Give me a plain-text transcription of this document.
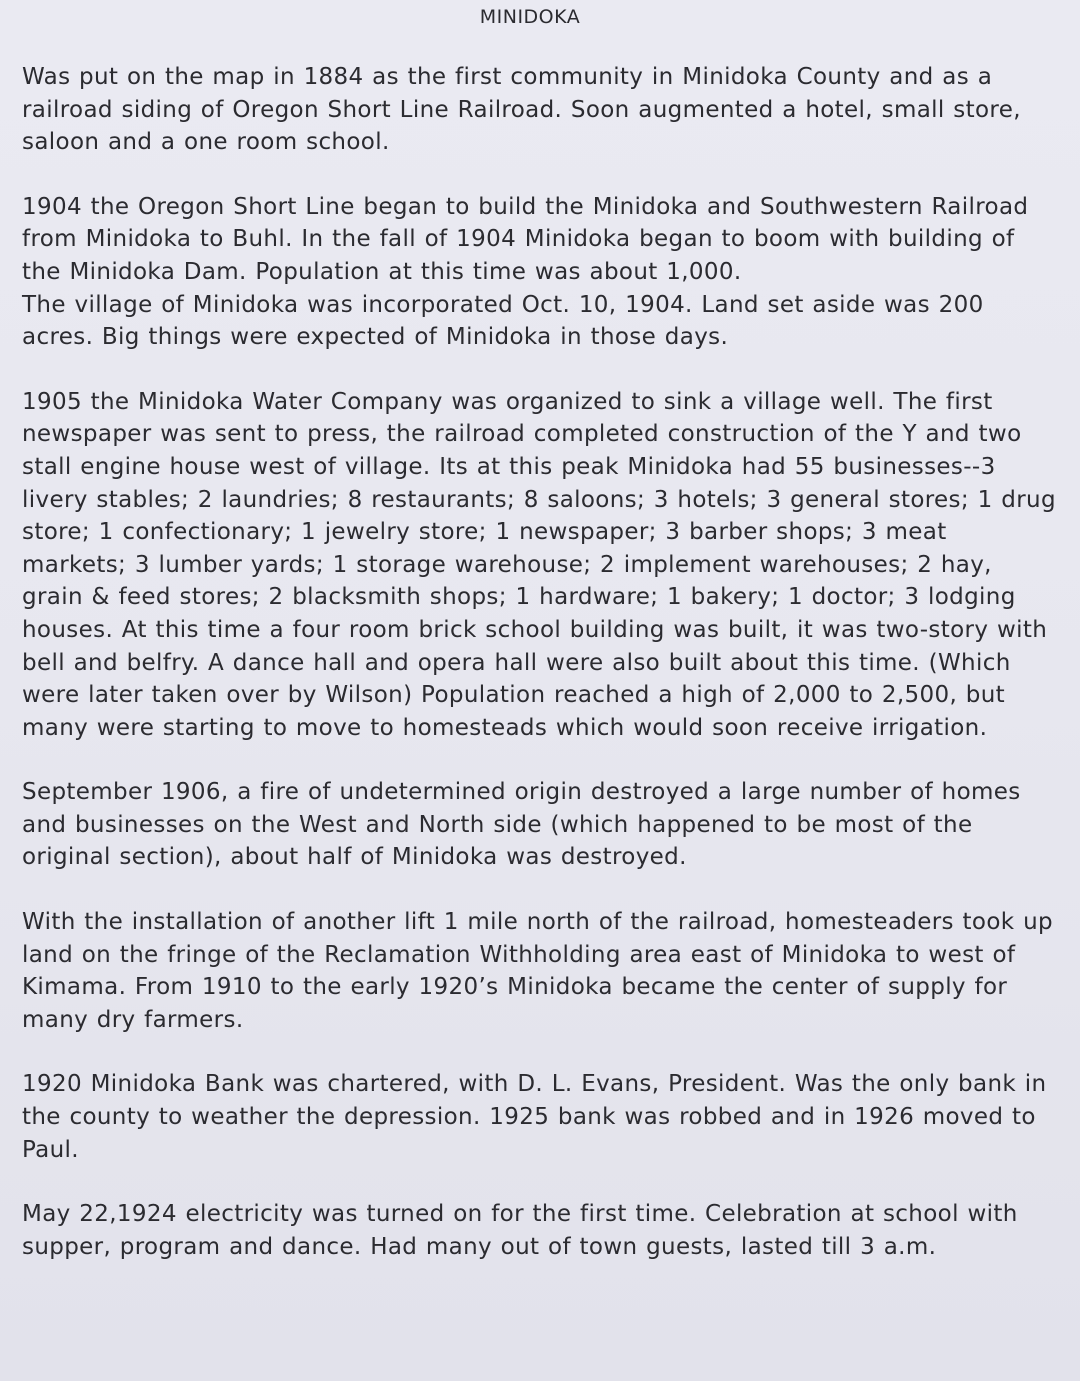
MINIDOKA

Was put on the map in 1884 as the first community in Minidoka County and as a railroad siding of Oregon Short Line Railroad. Soon augmented a hotel, small store, saloon and a one room school.

1904 the Oregon Short Line began to build the Minidoka and Southwestern Railroad from Minidoka to Buhl. In the fall of 1904 Minidoka began to boom with building of the Minidoka Dam. Population at this time was about 1,000.

The village of Minidoka was incorporated Oct. 10, 1904. Land set aside was 200 acres. Big things were expected of Minidoka in those days.

1905 the Minidoka Water Company was organized to sink a village well. The first newspaper was sent to press, the railroad completed construction of the Y and two stall engine house west of village. Its at this peak Minidoka had 55 businesses--3 livery stables; 2 laundries; 8 restaurants; 8 saloons; 3 hotels; 3 general stores; 1 drug store; 1 confectionary; 1 jewelry store; 1 newspaper; 3 barber shops; 3 meat markets; 3 lumber yards; 1 storage warehouse; 2 implement warehouses; 2 hay, grain & feed stores; 2 blacksmith shops; 1 hardware; 1 bakery; 1 doctor; 3 lodging houses. At this time a four room brick school building was built, it was two-story with bell and belfry. A dance hall and opera hall were also built about this time. (Which were later taken over by Wilson) Population reached a high of 2,000 to 2,500, but many were starting to move to homesteads which would soon receive irrigation.

September 1906, a fire of undetermined origin destroyed a large number of homes and businesses on the West and North side (which happened to be most of the original section), about half of Minidoka was destroyed.

With the installation of another lift 1 mile north of the railroad, homesteaders took up land on the fringe of the Reclamation Withholding area east of Minidoka to west of Kimama. From 1910 to the early 1920’s Minidoka became the center of supply for many dry farmers.

1920 Minidoka Bank was chartered, with D. L. Evans, President. Was the only bank in the county to weather the depression. 1925 bank was robbed and in 1926 moved to Paul.

May 22,1924 electricity was turned on for the first time. Celebration at school with supper, program and dance. Had many out of town guests, lasted till 3 a.m.
